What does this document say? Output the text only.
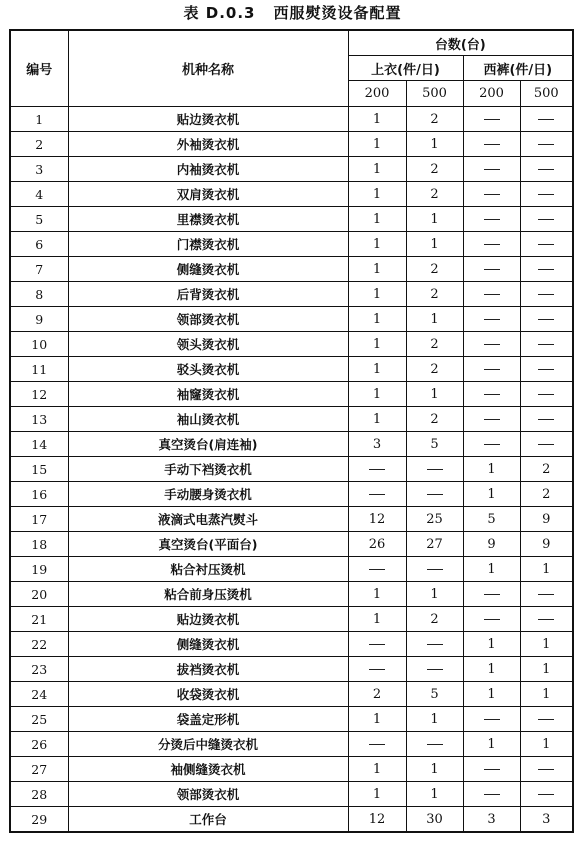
表 D.0.3 西服熨烫设备配置
编号	机种名称	台数(台)			
		上衣(件/日)		西裤(件/日)	
		200	500	200	500
1	贴边烫衣机	1	2		
2	外袖烫衣机	1	1		
3	内袖烫衣机	1	2		
4	双肩烫衣机	1	2		
5	里襟烫衣机	1	1		
6	门襟烫衣机	1	1		
7	侧缝烫衣机	1	2		
8	后背烫衣机	1	2		
9	领部烫衣机	1	1		
10	领头烫衣机	1	2		
11	驳头烫衣机	1	2		
12	袖窿烫衣机	1	1		
13	袖山烫衣机	1	2		
14	真空烫台(肩连袖)	3	5		
15	手动下裆烫衣机			1	2
16	手动腰身烫衣机			1	2
17	液滴式电蒸汽熨斗	12	25	5	9
18	真空烫台(平面台)	26	27	9	9
19	粘合衬压烫机			1	1
20	粘合前身压烫机	1	1		
21	贴边烫衣机	1	2		
22	侧缝烫衣机			1	1
23	拔裆烫衣机			1	1
24	收袋烫衣机	2	5	1	1
25	袋盖定形机	1	1		
26	分烫后中缝烫衣机			1	1
27	袖侧缝烫衣机	1	1		
28	领部烫衣机	1	1		
29	工作台	12	30	3	3
